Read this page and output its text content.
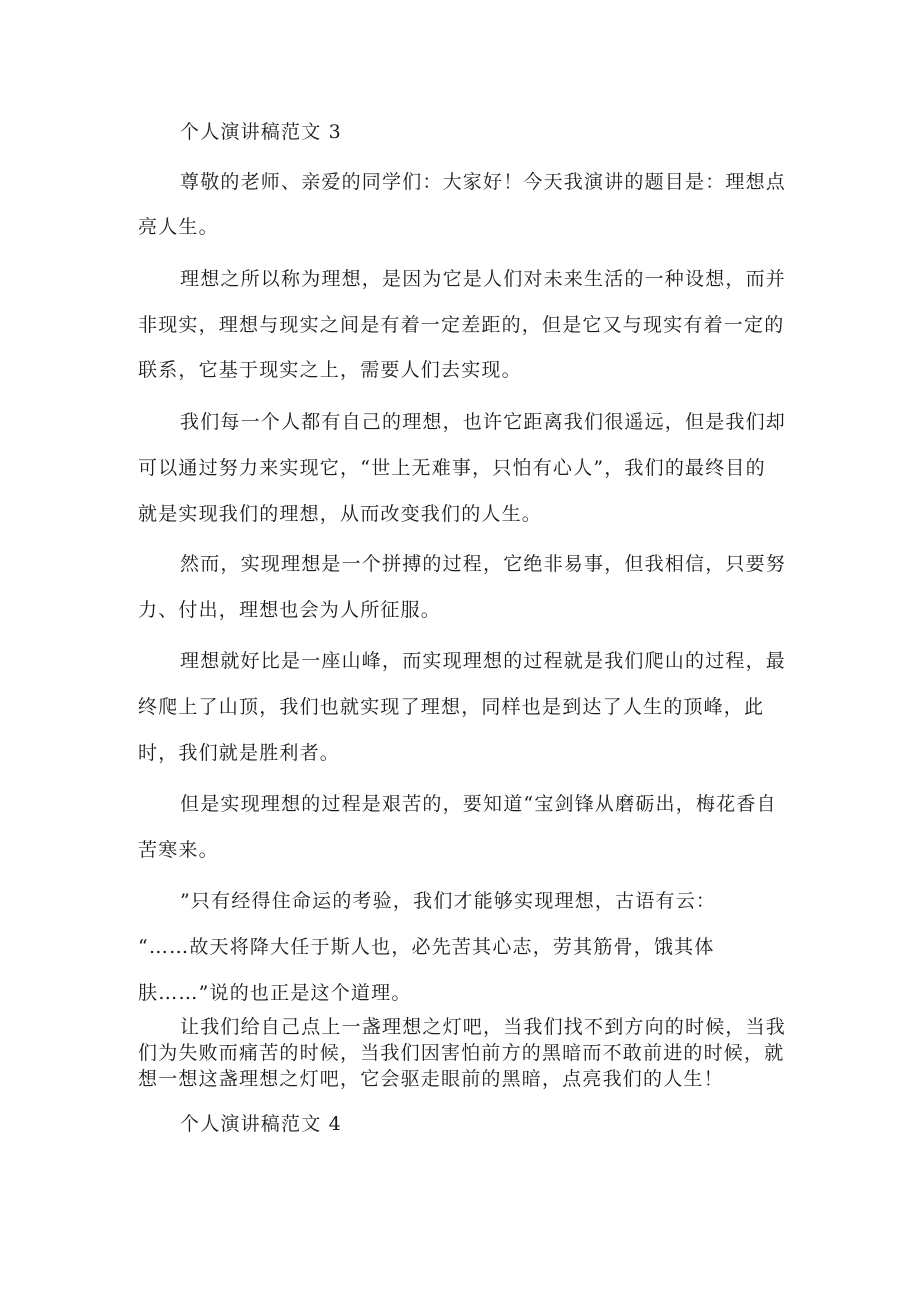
个人演讲稿范文 3

尊敬的老师、亲爱的同学们：大家好！今天我演讲的题目是：理想点

亮人生。

理想之所以称为理想，是因为它是人们对未来生活的一种设想，而并

非现实，理想与现实之间是有着一定差距的，但是它又与现实有着一定的

联系，它基于现实之上，需要人们去实现。

我们每一个人都有自己的理想，也许它距离我们很遥远，但是我们却

可以通过努力来实现它，“世上无难事，只怕有心人”，我们的最终目的

就是实现我们的理想，从而改变我们的人生。

然而，实现理想是一个拼搏的过程，它绝非易事，但我相信，只要努

力、付出，理想也会为人所征服。

理想就好比是一座山峰，而实现理想的过程就是我们爬山的过程，最

终爬上了山顶，我们也就实现了理想，同样也是到达了人生的顶峰，此

时，我们就是胜利者。

但是实现理想的过程是艰苦的，要知道“宝剑锋从磨砺出，梅花香自

苦寒来。

”只有经得住命运的考验，我们才能够实现理想，古语有云：

“……故天将降大任于斯人也，必先苦其心志，劳其筋骨，饿其体

肤……”说的也正是这个道理。

让我们给自己点上一盏理想之灯吧，当我们找不到方向的时候，当我

们为失败而痛苦的时候，当我们因害怕前方的黑暗而不敢前进的时候，就

想一想这盏理想之灯吧，它会驱走眼前的黑暗，点亮我们的人生！

个人演讲稿范文 4
